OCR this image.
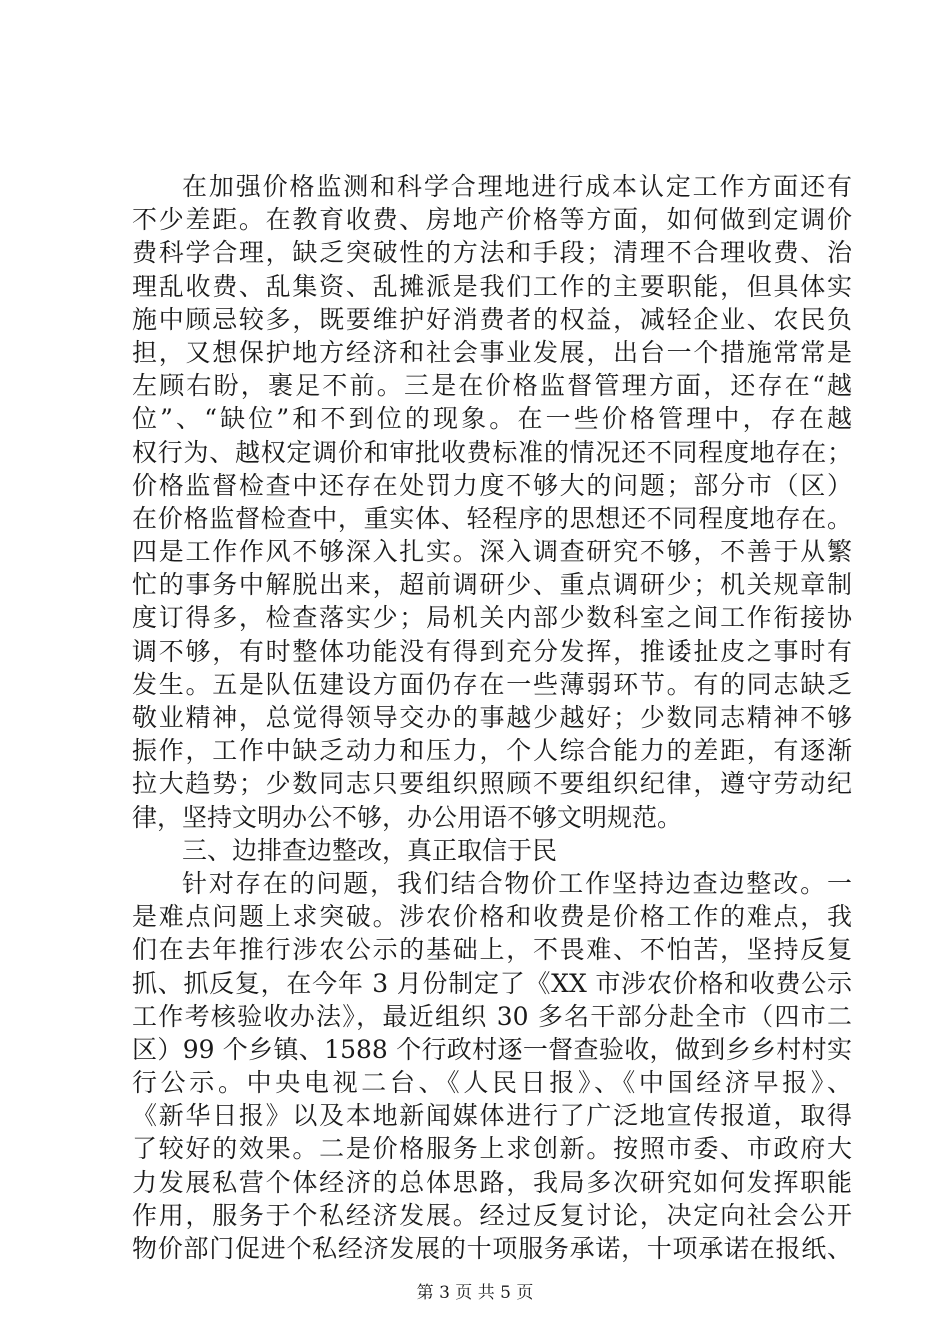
在加强价格监测和科学合理地进行成本认定工作方面还有
不少差距。在教育收费、房地产价格等方面，如何做到定调价
费科学合理，缺乏突破性的方法和手段；清理不合理收费、治
理乱收费、乱集资、乱摊派是我们工作的主要职能，但具体实
施中顾忌较多，既要维护好消费者的权益，减轻企业、农民负
担，又想保护地方经济和社会事业发展，出台一个措施常常是
左顾右盼，裹足不前。三是在价格监督管理方面，还存在“越
位”、“缺位”和不到位的现象。在一些价格管理中，存在越
权行为、越权定调价和审批收费标准的情况还不同程度地存在；
价格监督检查中还存在处罚力度不够大的问题；部分市（区）
在价格监督检查中，重实体、轻程序的思想还不同程度地存在。
四是工作作风不够深入扎实。深入调查研究不够，不善于从繁
忙的事务中解脱出来，超前调研少、重点调研少；机关规章制
度订得多，检查落实少；局机关内部少数科室之间工作衔接协
调不够，有时整体功能没有得到充分发挥，推诿扯皮之事时有
发生。五是队伍建设方面仍存在一些薄弱环节。有的同志缺乏
敬业精神，总觉得领导交办的事越少越好；少数同志精神不够
振作，工作中缺乏动力和压力，个人综合能力的差距，有逐渐
拉大趋势；少数同志只要组织照顾不要组织纪律，遵守劳动纪
律，坚持文明办公不够，办公用语不够文明规范。
三、边排查边整改，真正取信于民
针对存在的问题，我们结合物价工作坚持边查边整改。一
是难点问题上求突破。涉农价格和收费是价格工作的难点，我
们在去年推行涉农公示的基础上，不畏难、不怕苦，坚持反复
抓、抓反复，在今年 3 月份制定了《XX 市涉农价格和收费公示
工作考核验收办法》，最近组织 30 多名干部分赴全市（四市二
区）99 个乡镇、1588 个行政村逐一督查验收，做到乡乡村村实
行公示。中央电视二台、《人民日报》、《中国经济早报》、
《新华日报》以及本地新闻媒体进行了广泛地宣传报道，取得
了较好的效果。二是价格服务上求创新。按照市委、市政府大
力发展私营个体经济的总体思路，我局多次研究如何发挥职能
作用，服务于个私经济发展。经过反复讨论，决定向社会公开
物价部门促进个私经济发展的十项服务承诺，十项承诺在报纸、
第 3 页 共 5 页
